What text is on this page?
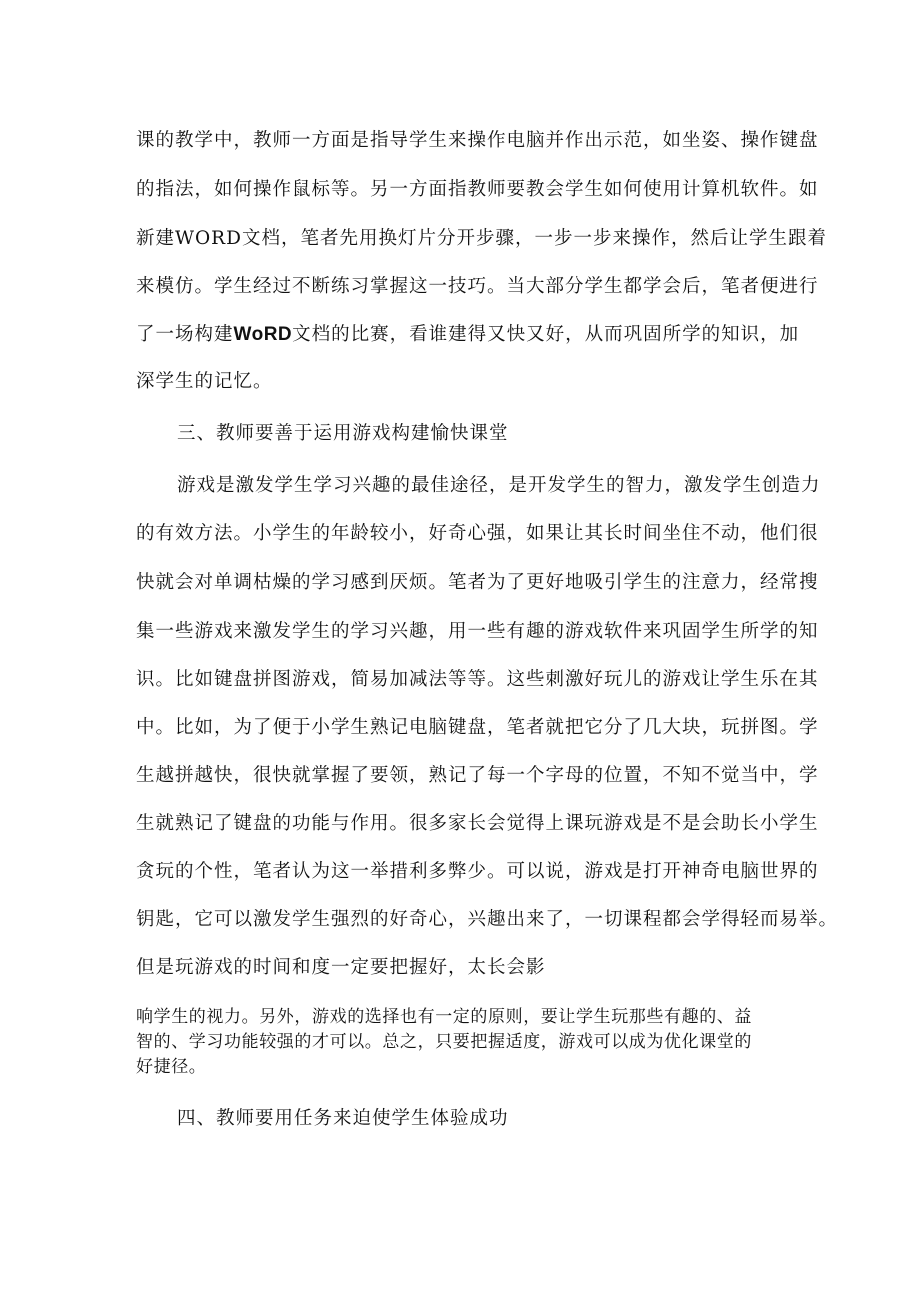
课的教学中，教师一方面是指导学生来操作电脑并作出示范，如坐姿、操作键盘
的指法，如何操作鼠标等。另一方面指教师要教会学生如何使用计算机软件。如
新建WORD文档，笔者先用换灯片分开步骤，一步一步来操作，然后让学生跟着
来模仿。学生经过不断练习掌握这一技巧。当大部分学生都学会后，笔者便进行
了一场构建WoRD文档的比赛，看谁建得又快又好，从而巩固所学的知识，加
深学生的记忆。
三、教师要善于运用游戏构建愉快课堂
游戏是激发学生学习兴趣的最佳途径，是开发学生的智力，激发学生创造力
的有效方法。小学生的年龄较小，好奇心强，如果让其长时间坐住不动，他们很
快就会对单调枯燥的学习感到厌烦。笔者为了更好地吸引学生的注意力，经常搜
集一些游戏来激发学生的学习兴趣，用一些有趣的游戏软件来巩固学生所学的知
识。比如键盘拼图游戏，简易加减法等等。这些刺激好玩儿的游戏让学生乐在其
中。比如，为了便于小学生熟记电脑键盘，笔者就把它分了几大块，玩拼图。学
生越拼越快，很快就掌握了要领，熟记了每一个字母的位置，不知不觉当中，学
生就熟记了键盘的功能与作用。很多家长会觉得上课玩游戏是不是会助长小学生
贪玩的个性，笔者认为这一举措利多弊少。可以说，游戏是打开神奇电脑世界的
钥匙，它可以激发学生强烈的好奇心，兴趣出来了，一切课程都会学得轻而易举。
但是玩游戏的时间和度一定要把握好，太长会影
响学生的视力。另外，游戏的选择也有一定的原则，要让学生玩那些有趣的、益
智的、学习功能较强的才可以。总之，只要把握适度，游戏可以成为优化课堂的
好捷径。
四、教师要用任务来迫使学生体验成功
